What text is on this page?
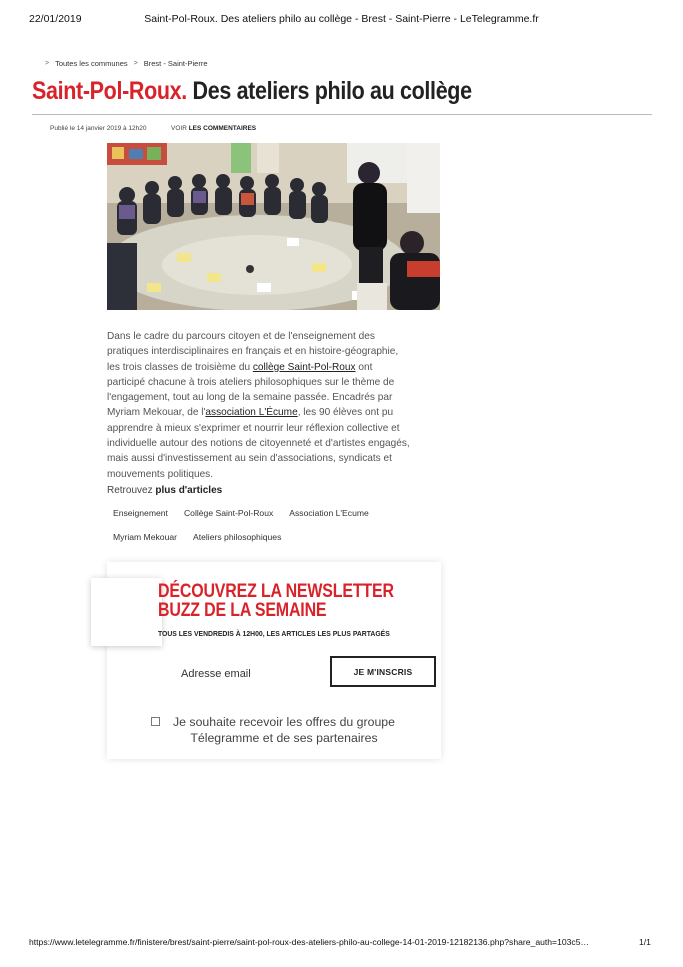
22/01/2019	Saint-Pol-Roux. Des ateliers philo au collège - Brest - Saint-Pierre - LeTelegramme.fr
> Toutes les communes > Brest - Saint-Pierre
Saint-Pol-Roux. Des ateliers philo au collège
Publié le 14 janvier 2019 à 12h20	VOIR LES COMMENTAIRES

Dans le cadre du parcours citoyen et de l'enseignement des pratiques interdisciplinaires en français et en histoire-géographie, les trois classes de troisième du collège Saint-Pol-Roux ont participé chacune à trois ateliers philosophiques sur le thème de l'engagement, tout au long de la semaine passée. Encadrés par Myriam Mekouar, de l'association L'Écume, les 90 élèves ont pu apprendre à mieux s'exprimer et nourrir leur réflexion collective et individuelle autour des notions de citoyenneté et d'artistes engagés, mais aussi d'investissement au sein d'associations, syndicats et mouvements politiques.

Retrouvez plus d'articles
Enseignement	Collège Saint-Pol-Roux	Association L'Ecume
Myriam Mekouar	Ateliers philosophiques
DÉCOUVREZ LA NEWSLETTER BUZZ DE LA SEMAINE
TOUS LES VENDREDIS À 12H00, LES ARTICLES LES PLUS PARTAGÉS
Adresse email
JE M'INSCRIS
Je souhaite recevoir les offres du groupe Télegramme et de ses partenaires
https://www.letelegramme.fr/finistere/brest/saint-pierre/saint-pol-roux-des-ateliers-philo-au-college-14-01-2019-12182136.php?share_auth=103c5…	1/1
